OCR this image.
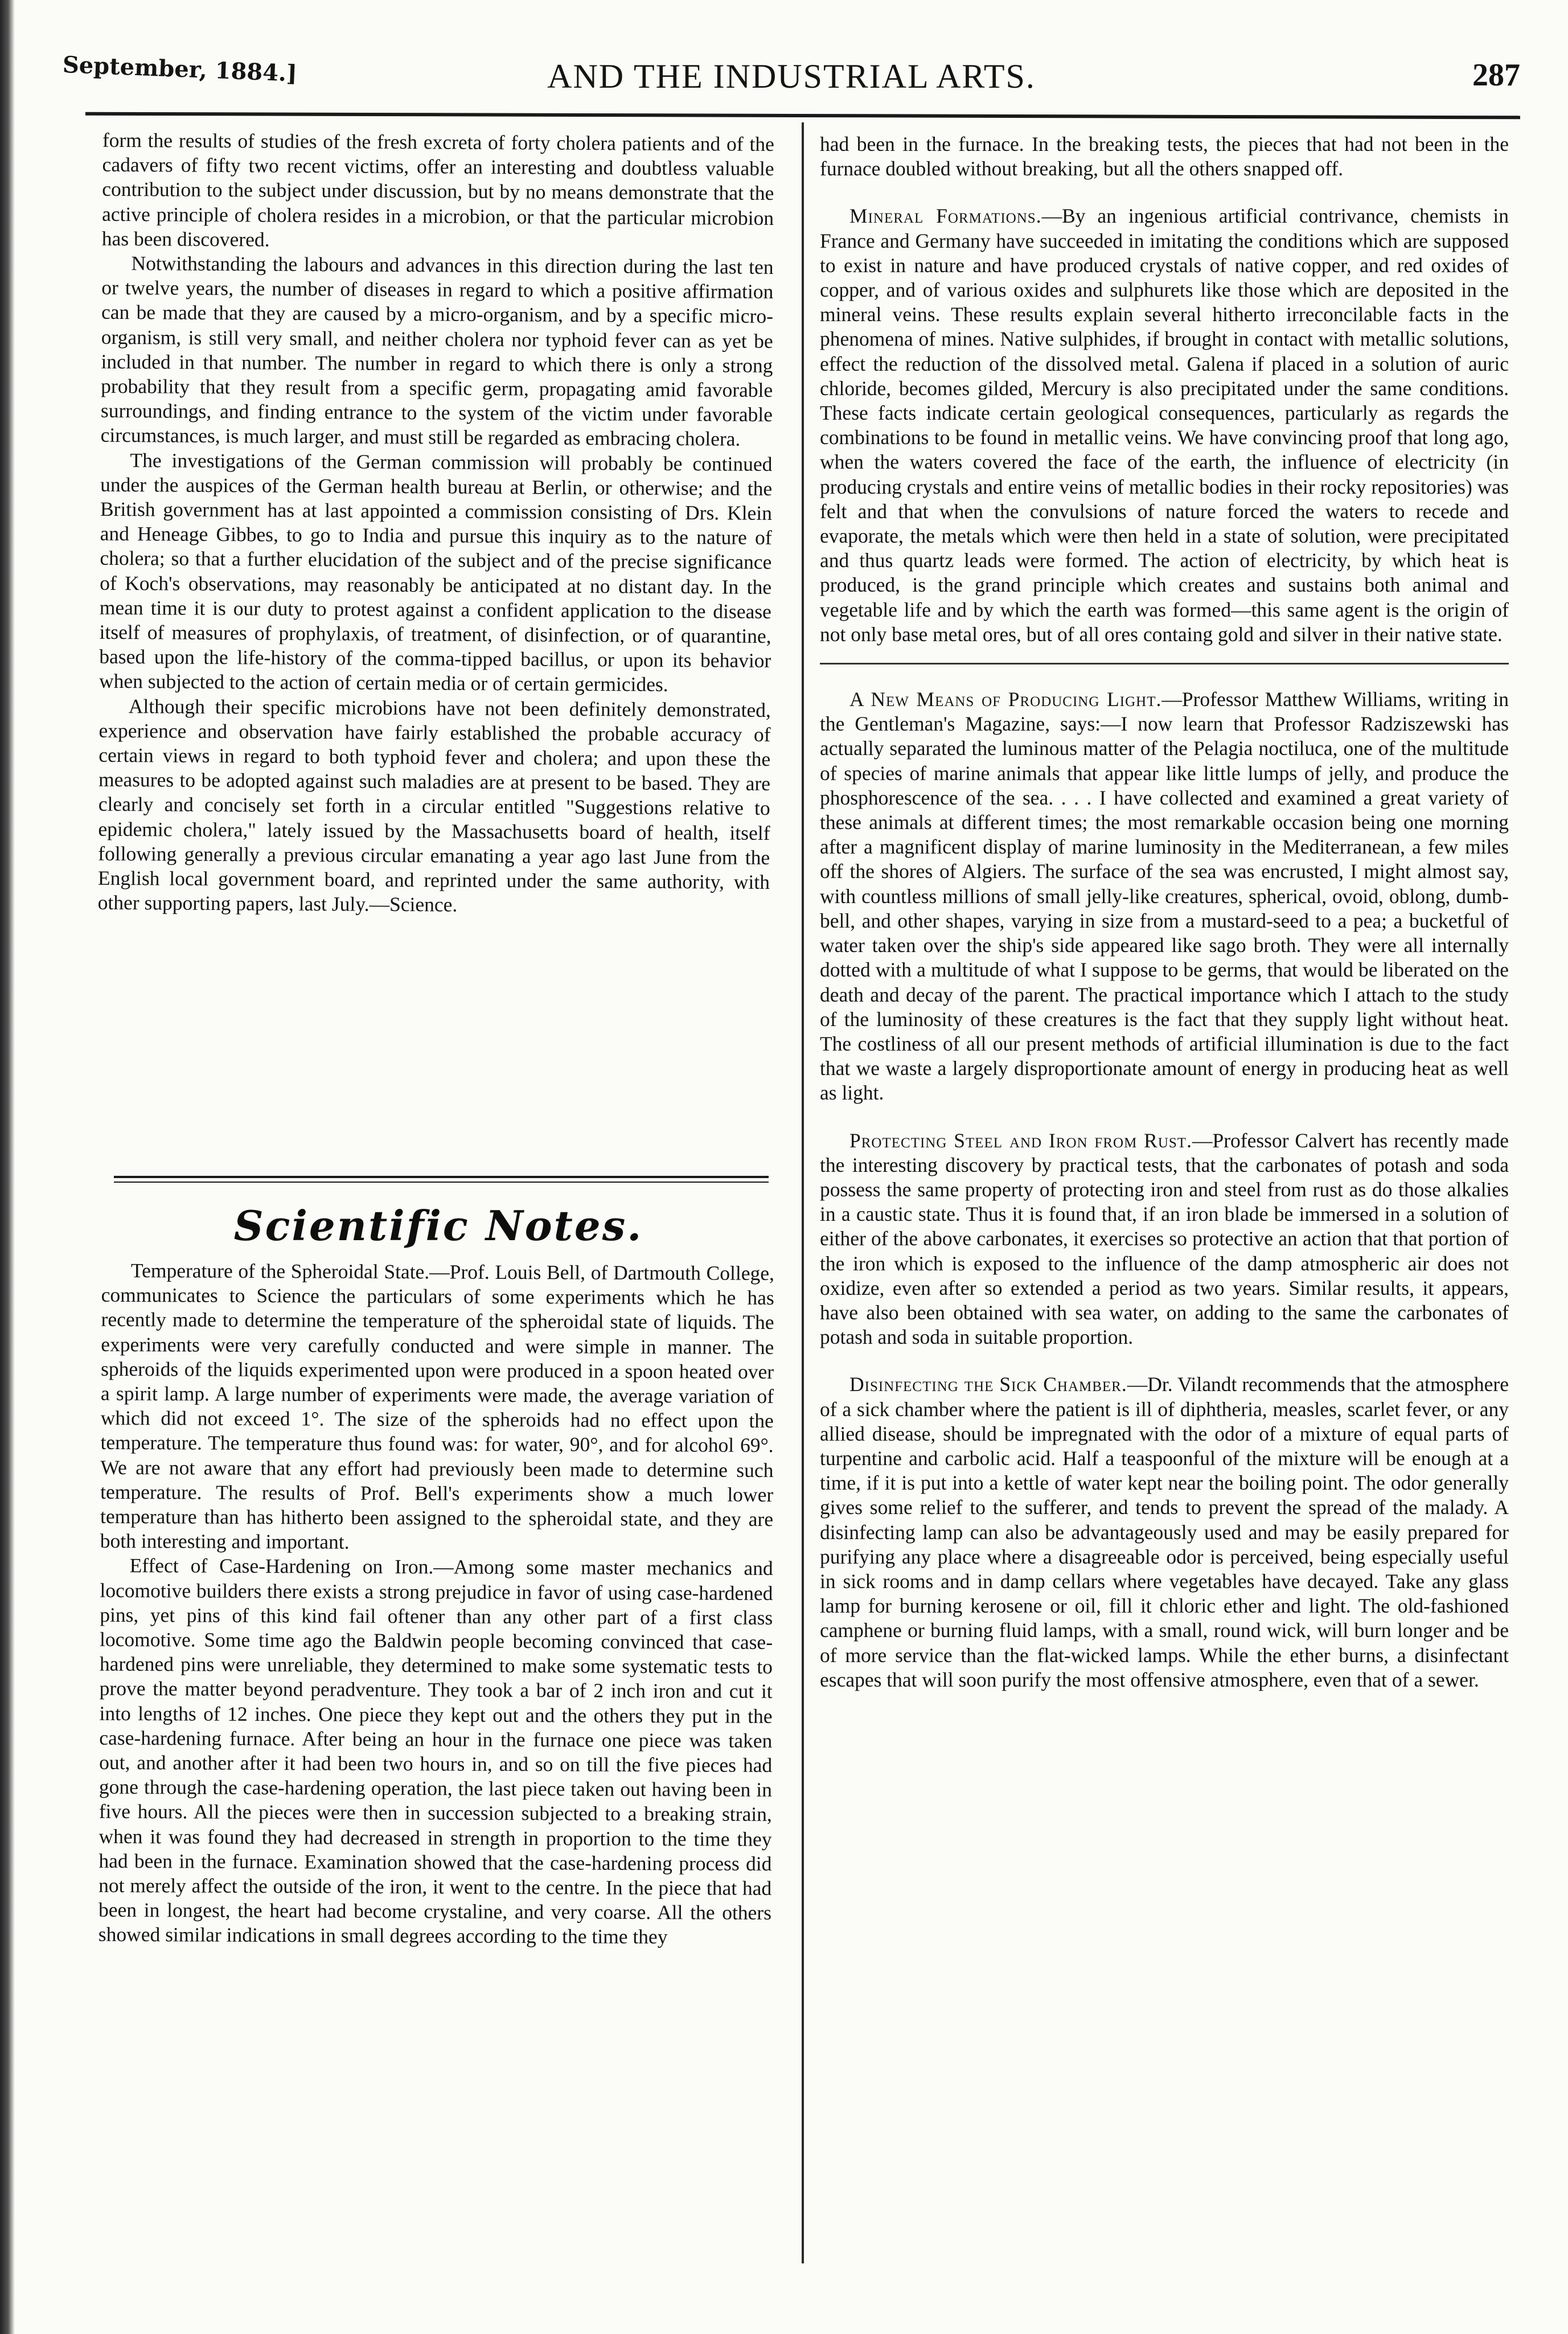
September, 1884.]	AND THE INDUSTRIAL ARTS.	287

form the results of studies of the fresh excreta of forty cholera patients and of the cadavers of fifty two recent victims, offer an interesting and doubtless valuable contribution to the subject under discussion, but by no means demonstrate that the active principle of cholera resides in a microbion, or that the particular microbion has been discovered.

Notwithstanding the labours and advances in this direction during the last ten or twelve years, the number of diseases in regard to which a positive affirmation can be made that they are caused by a micro-organism, and by a specific micro-organism, is still very small, and neither cholera nor typhoid fever can as yet be included in that number. The number in regard to which there is only a strong probability that they result from a specific germ, propagating amid favorable surroundings, and finding entrance to the system of the victim under favorable circumstances, is much larger, and must still be regarded as embracing cholera.

The investigations of the German commission will probably be continued under the auspices of the German health bureau at Berlin, or otherwise; and the British government has at last appointed a commission consisting of Drs. Klein and Heneage Gibbes, to go to India and pursue this inquiry as to the nature of cholera; so that a further elucidation of the subject and of the precise significance of Koch's observations, may reasonably be anticipated at no distant day. In the mean time it is our duty to protest against a confident application to the disease itself of measures of prophylaxis, of treatment, of disinfection, or of quarantine, based upon the life-history of the comma-tipped bacillus, or upon its behavior when subjected to the action of certain media or of certain germicides.

Although their specific microbions have not been definitely demonstrated, experience and observation have fairly established the probable accuracy of certain views in regard to both typhoid fever and cholera; and upon these the measures to be adopted against such maladies are at present to be based. They are clearly and concisely set forth in a circular entitled "Suggestions relative to epidemic cholera," lately issued by the Massachusetts board of health, itself following generally a previous circular emanating a year ago last June from the English local government board, and reprinted under the same authority, with other supporting papers, last July.—Science.

Scientific Notes.

Temperature of the Spheroidal State.—Prof. Louis Bell, of Dartmouth College, communicates to Science the particulars of some experiments which he has recently made to determine the temperature of the spheroidal state of liquids. The experiments were very carefully conducted and were simple in manner. The spheroids of the liquids experimented upon were produced in a spoon heated over a spirit lamp. A large number of experiments were made, the average variation of which did not exceed 1°. The size of the spheroids had no effect upon the temperature. The temperature thus found was: for water, 90°, and for alcohol 69°. We are not aware that any effort had previously been made to determine such temperature. The results of Prof. Bell's experiments show a much lower temperature than has hitherto been assigned to the spheroidal state, and they are both interesting and important.

Effect of Case-Hardening on Iron.—Among some master mechanics and locomotive builders there exists a strong prejudice in favor of using case-hardened pins, yet pins of this kind fail oftener than any other part of a first class locomotive. Some time ago the Baldwin people becoming convinced that case-hardened pins were unreliable, they determined to make some systematic tests to prove the matter beyond peradventure. They took a bar of 2 inch iron and cut it into lengths of 12 inches. One piece they kept out and the others they put in the case-hardening furnace. After being an hour in the furnace one piece was taken out, and another after it had been two hours in, and so on till the five pieces had gone through the case-hardening operation, the last piece taken out having been in five hours. All the pieces were then in succession subjected to a breaking strain, when it was found they had decreased in strength in proportion to the time they had been in the furnace. Examination showed that the case-hardening process did not merely affect the outside of the iron, it went to the centre. In the piece that had been in longest, the heart had become crystaline, and very coarse. All the others showed similar indications in small degrees according to the time they

had been in the furnace. In the breaking tests, the pieces that had not been in the furnace doubled without breaking, but all the others snapped off.

Mineral Formations.—By an ingenious artificial contrivance, chemists in France and Germany have succeeded in imitating the conditions which are supposed to exist in nature and have produced crystals of native copper, and red oxides of copper, and of various oxides and sulphurets like those which are deposited in the mineral veins. These results explain several hitherto irreconcilable facts in the phenomena of mines. Native sulphides, if brought in contact with metallic solutions, effect the reduction of the dissolved metal. Galena if placed in a solution of auric chloride, becomes gilded, Mercury is also precipitated under the same conditions. These facts indicate certain geological consequences, particularly as regards the combinations to be found in metallic veins. We have convincing proof that long ago, when the waters covered the face of the earth, the influence of electricity (in producing crystals and entire veins of metallic bodies in their rocky repositories) was felt and that when the convulsions of nature forced the waters to recede and evaporate, the metals which were then held in a state of solution, were precipitated and thus quartz leads were formed. The action of electricity, by which heat is produced, is the grand principle which creates and sustains both animal and vegetable life and by which the earth was formed—this same agent is the origin of not only base metal ores, but of all ores containg gold and silver in their native state.

A New Means of Producing Light.—Professor Matthew Williams, writing in the Gentleman's Magazine, says:—I now learn that Professor Radziszewski has actually separated the luminous matter of the Pelagia noctiluca, one of the multitude of species of marine animals that appear like little lumps of jelly, and produce the phosphorescence of the sea. . . . I have collected and examined a great variety of these animals at different times; the most remarkable occasion being one morning after a magnificent display of marine luminosity in the Mediterranean, a few miles off the shores of Algiers. The surface of the sea was encrusted, I might almost say, with countless millions of small jelly-like creatures, spherical, ovoid, oblong, dumb-bell, and other shapes, varying in size from a mustard-seed to a pea; a bucketful of water taken over the ship's side appeared like sago broth. They were all internally dotted with a multitude of what I suppose to be germs, that would be liberated on the death and decay of the parent. The practical importance which I attach to the study of the luminosity of these creatures is the fact that they supply light without heat. The costliness of all our present methods of artificial illumination is due to the fact that we waste a largely disproportionate amount of energy in producing heat as well as light.

Protecting Steel and Iron from Rust.—Professor Calvert has recently made the interesting discovery by practical tests, that the carbonates of potash and soda possess the same property of protecting iron and steel from rust as do those alkalies in a caustic state. Thus it is found that, if an iron blade be immersed in a solution of either of the above carbonates, it exercises so protective an action that that portion of the iron which is exposed to the influence of the damp atmospheric air does not oxidize, even after so extended a period as two years. Similar results, it appears, have also been obtained with sea water, on adding to the same the carbonates of potash and soda in suitable proportion.

Disinfecting the Sick Chamber.—Dr. Vilandt recommends that the atmosphere of a sick chamber where the patient is ill of diphtheria, measles, scarlet fever, or any allied disease, should be impregnated with the odor of a mixture of equal parts of turpentine and carbolic acid. Half a teaspoonful of the mixture will be enough at a time, if it is put into a kettle of water kept near the boiling point. The odor generally gives some relief to the sufferer, and tends to prevent the spread of the malady. A disinfecting lamp can also be advantageously used and may be easily prepared for purifying any place where a disagreeable odor is perceived, being especially useful in sick rooms and in damp cellars where vegetables have decayed. Take any glass lamp for burning kerosene or oil, fill it chloric ether and light. The old-fashioned camphene or burning fluid lamps, with a small, round wick, will burn longer and be of more service than the flat-wicked lamps. While the ether burns, a disinfectant escapes that will soon purify the most offensive atmosphere, even that of a sewer.
